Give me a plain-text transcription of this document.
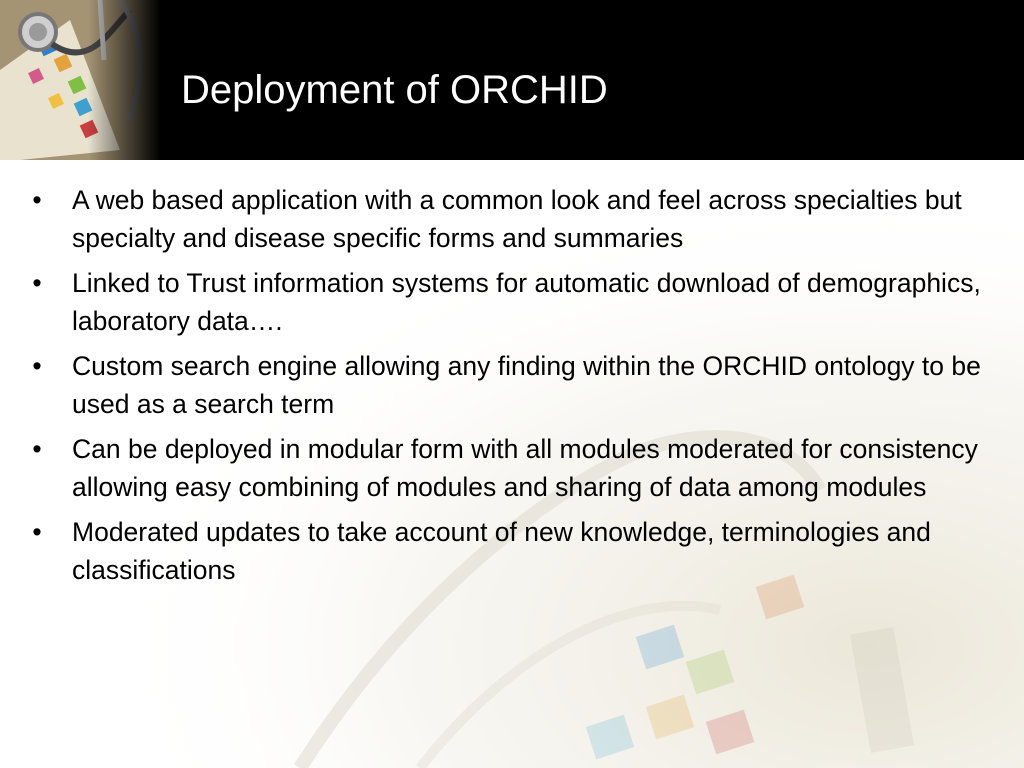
Deployment of ORCHID
• A web based application with a common look and feel across specialties but specialty and disease specific forms and summaries
• Linked to Trust information systems for automatic download of demographics, laboratory data….
• Custom search engine allowing any finding within the ORCHID ontology to be used as a search term
• Can be deployed in modular form with all modules moderated for consistency allowing easy combining of modules and sharing of data among modules
• Moderated updates to take account of new knowledge, terminologies and classifications
